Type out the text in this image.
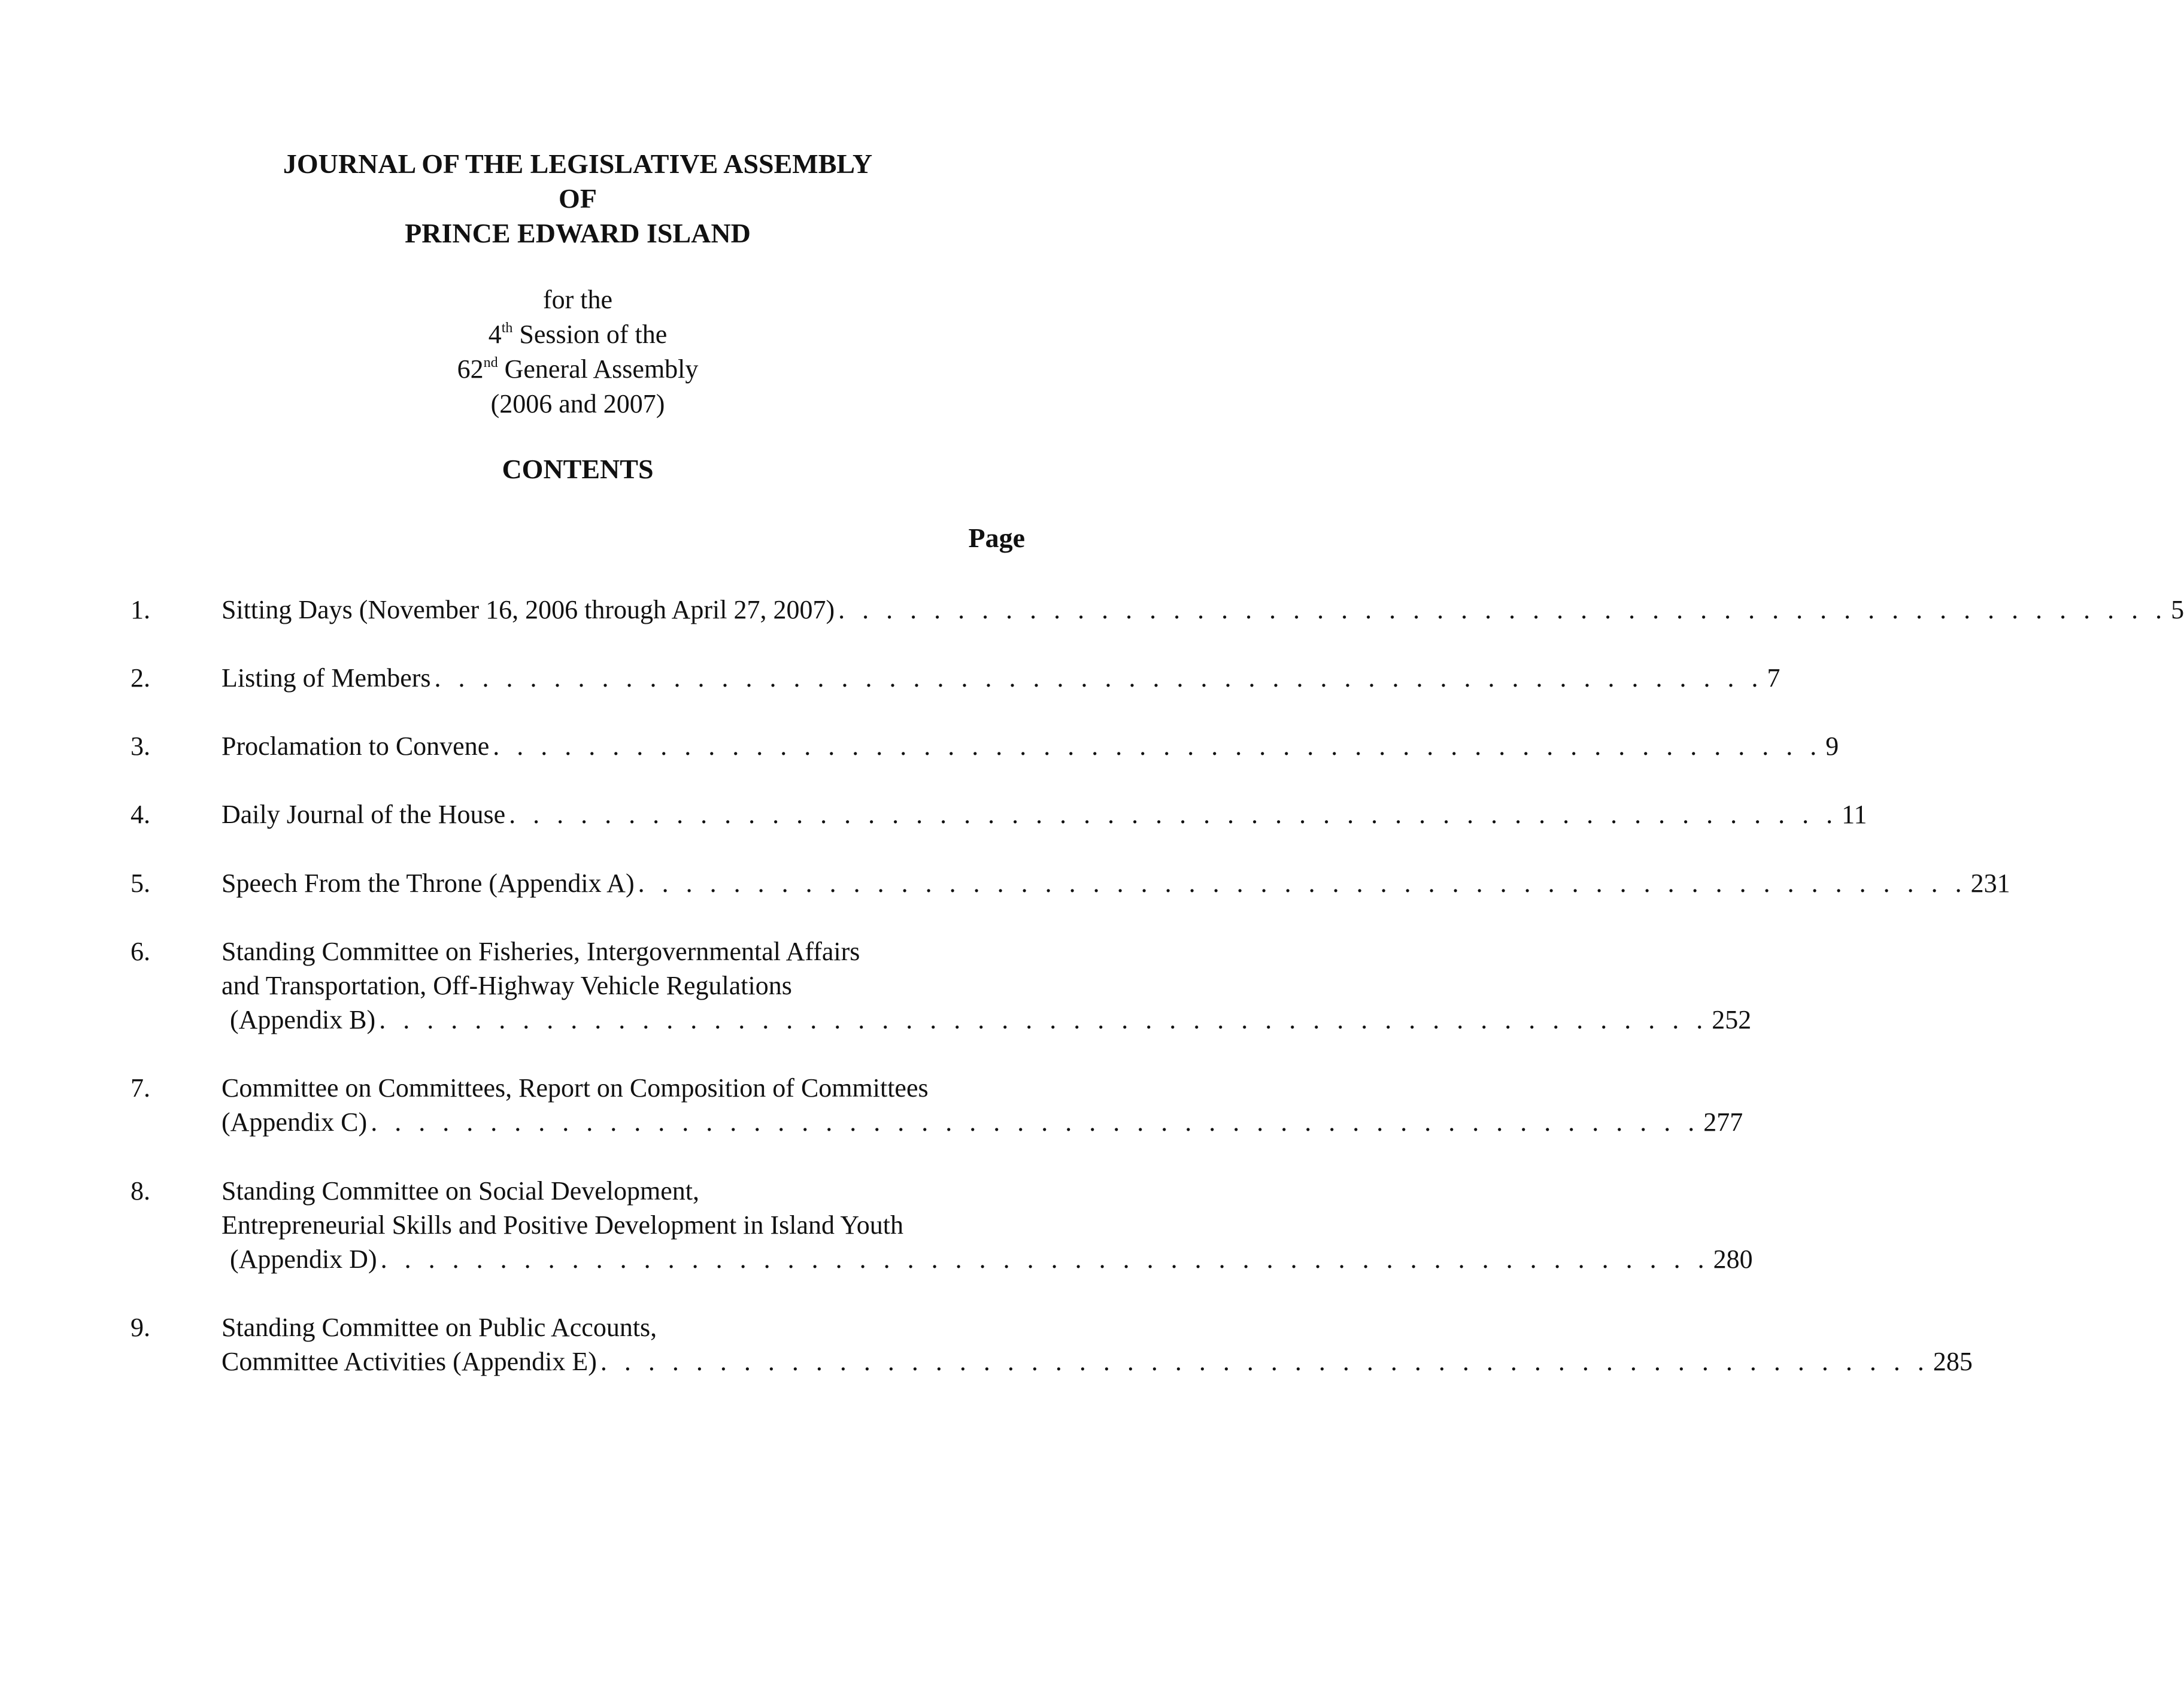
JOURNAL OF THE LEGISLATIVE ASSEMBLY
OF
PRINCE EDWARD ISLAND
for the
4th Session of the
62nd General Assembly
(2006 and 2007)
CONTENTS
Page
1.	Sitting Days (November 16, 2006 through April 27, 2007) . . . . . . . . . . . . . . . . . . . . . . . . . . . . . . . . . . . . . . . . . . . . . . . . . . . . . . . . 5
2.	Listing of Members . . . . . . . . . . . . . . . . . . . . . . . . . . . . . . . . . . . . . . . . . . . . . . . . . . . . . . . . 7
3.	Proclamation to Convene . . . . . . . . . . . . . . . . . . . . . . . . . . . . . . . . . . . . . . . . . . . . . . . . . . . . . . . . 9
4.	Daily Journal of the House . . . . . . . . . . . . . . . . . . . . . . . . . . . . . . . . . . . . . . . . . . . . . . . . . . . . . . . . 11
5.	Speech From the Throne (Appendix A) . . . . . . . . . . . . . . . . . . . . . . . . . . . . . . . . . . . . . . . . . . . . . . . . . . . . . . . . 231
6.	Standing Committee on Fisheries, Intergovernmental Affairs
and Transportation, Off-Highway Vehicle Regulations
(Appendix B) . . . . . . . . . . . . . . . . . . . . . . . . . . . . . . . . . . . . . . . . . . . . . . . . . . . . . . . . 252
7.	Committee on Committees, Report on Composition of Committees
(Appendix C) . . . . . . . . . . . . . . . . . . . . . . . . . . . . . . . . . . . . . . . . . . . . . . . . . . . . . . . . 277
8.	Standing Committee on Social Development,
Entrepreneurial Skills and Positive Development in Island Youth
(Appendix D) . . . . . . . . . . . . . . . . . . . . . . . . . . . . . . . . . . . . . . . . . . . . . . . . . . . . . . . . 280
9.	Standing Committee on Public Accounts,
Committee Activities (Appendix E) . . . . . . . . . . . . . . . . . . . . . . . . . . . . . . . . . . . . . . . . . . . . . . . . . . . . . . . . 285
